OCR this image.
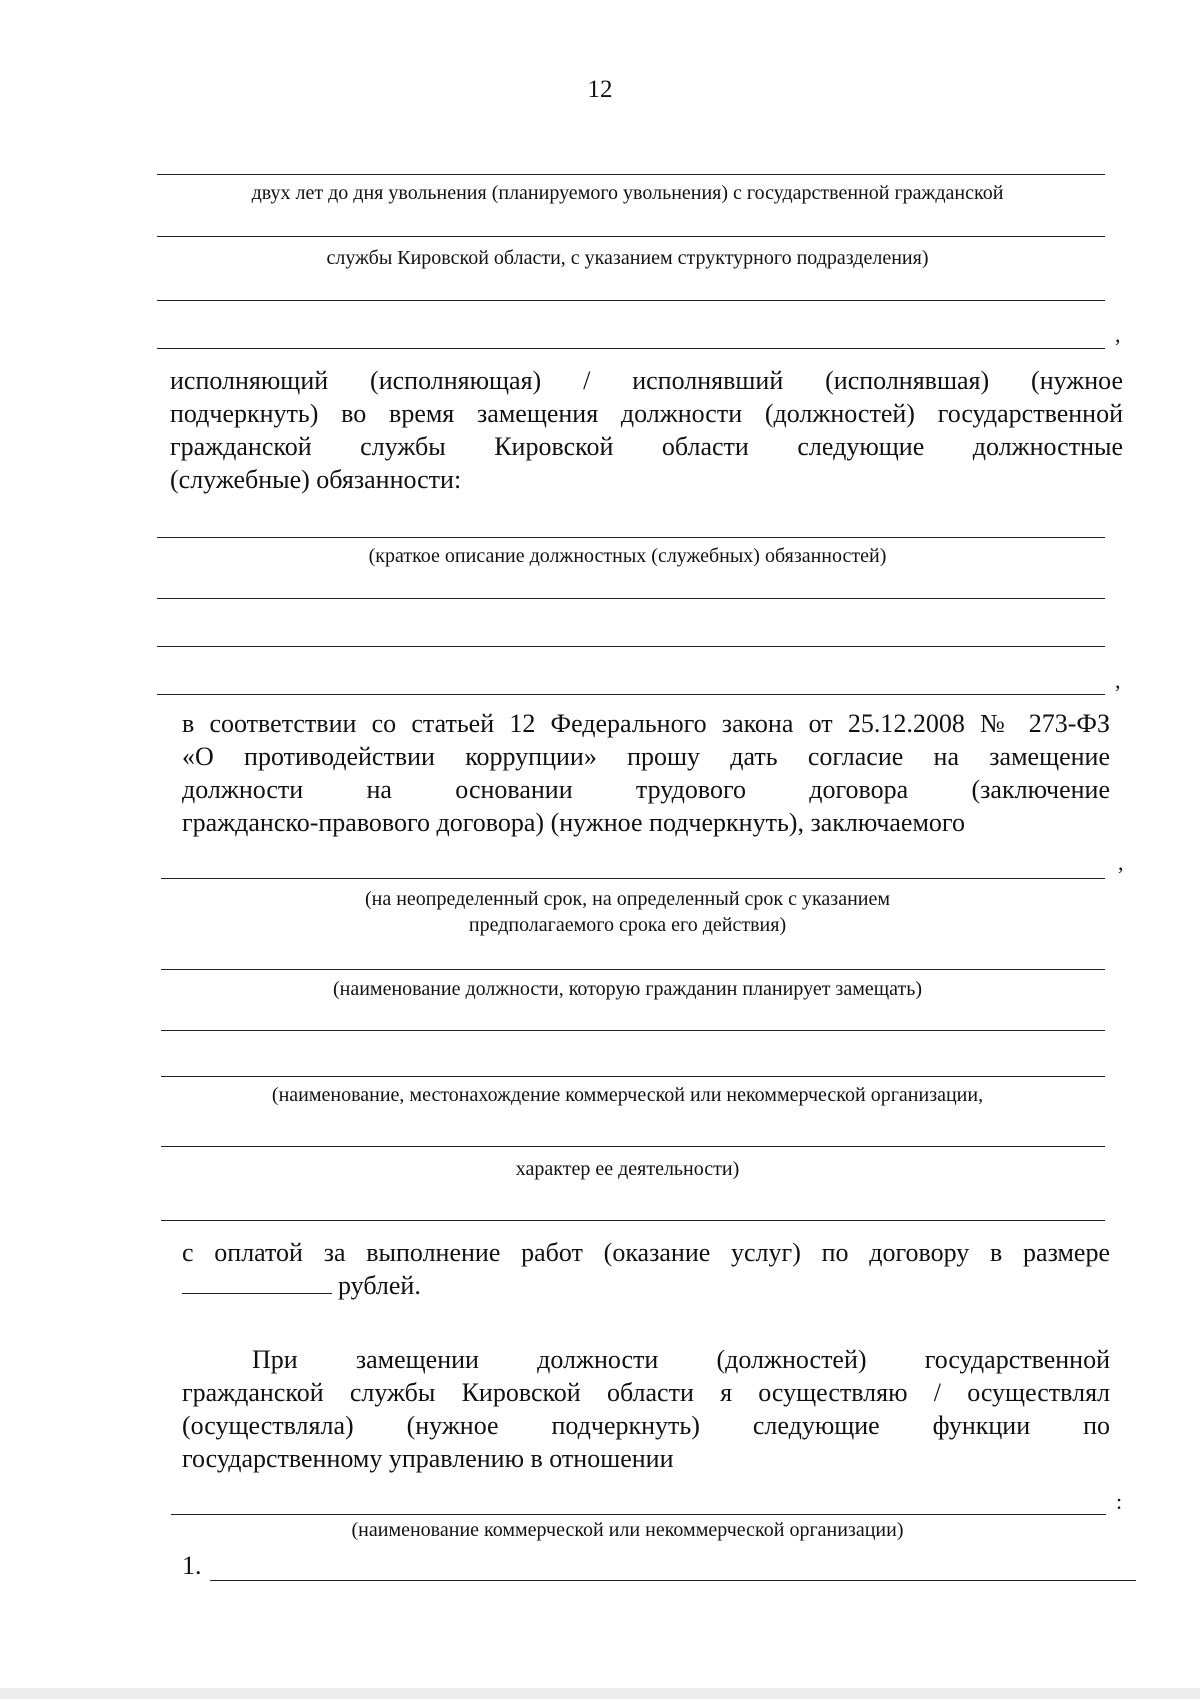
12
двух лет до дня увольнения (планируемого увольнения) с государственной гражданской
службы Кировской области, с указанием структурного подразделения)
,
исполняющий (исполняющая) / исполнявший (исполнявшая) (нужное
подчеркнуть) во время замещения должности (должностей) государственной
гражданской службы Кировской области следующие должностные
(служебные) обязанности:
(краткое описание должностных (служебных) обязанностей)
,
в соответствии со статьей 12 Федерального закона от 25.12.2008 № 273-ФЗ
«О противодействии коррупции» прошу дать согласие на замещение
должности на основании трудового договора (заключение
гражданско-правового договора) (нужное подчеркнуть), заключаемого
,
(на неопределенный срок, на определенный срок с указанием
предполагаемого срока его действия)
(наименование должности, которую гражданин планирует замещать)
(наименование, местонахождение коммерческой или некоммерческой организации,
характер ее деятельности)
с оплатой за выполнение работ (оказание услуг) по договору в размере
рублей.
При замещении должности (должностей) государственной
гражданской службы Кировской области я осуществляю / осуществлял
(осуществляла) (нужное подчеркнуть) следующие функции по
государственному управлению в отношении
:
(наименование коммерческой или некоммерческой организации)
1.
